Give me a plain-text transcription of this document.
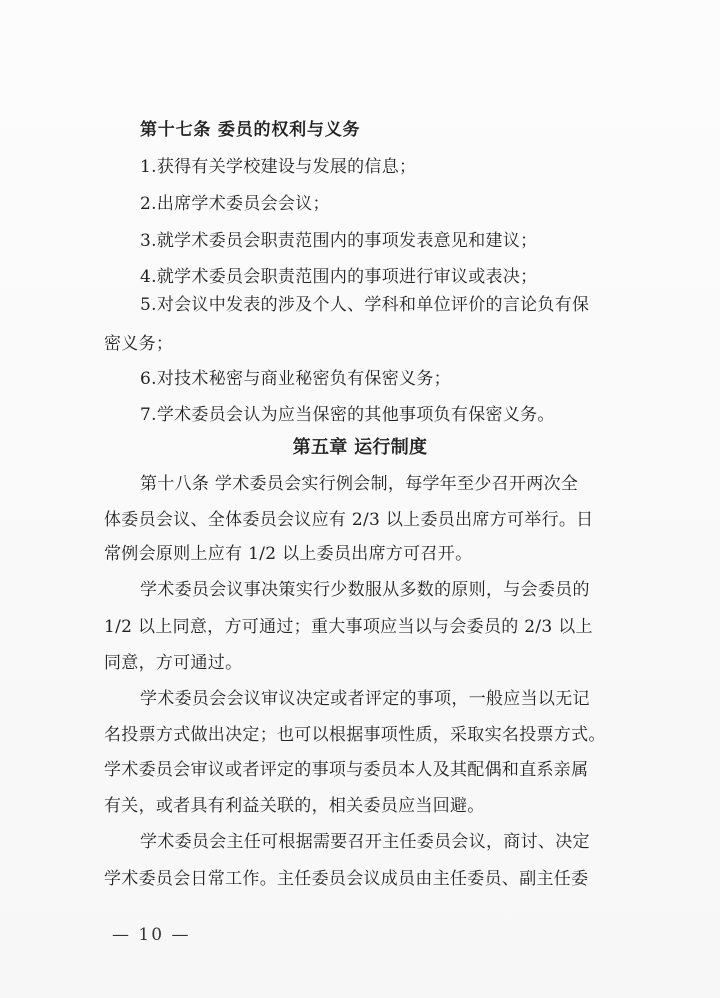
第十七条 委员的权利与义务
1.获得有关学校建设与发展的信息；
2.出席学术委员会会议；
3.就学术委员会职责范围内的事项发表意见和建议；
4.就学术委员会职责范围内的事项进行审议或表决；
5.对会议中发表的涉及个人、学科和单位评价的言论负有保
密义务；
6.对技术秘密与商业秘密负有保密义务；
7.学术委员会认为应当保密的其他事项负有保密义务。
第五章 运行制度
第十八条 学术委员会实行例会制，每学年至少召开两次全
体委员会议、全体委员会议应有 2/3 以上委员出席方可举行。日
常例会原则上应有 1/2 以上委员出席方可召开。
学术委员会议事决策实行少数服从多数的原则，与会委员的
1/2 以上同意，方可通过；重大事项应当以与会委员的 2/3 以上
同意，方可通过。
学术委员会会议审议决定或者评定的事项，一般应当以无记
名投票方式做出决定；也可以根据事项性质，采取实名投票方式。
学术委员会审议或者评定的事项与委员本人及其配偶和直系亲属
有关，或者具有利益关联的，相关委员应当回避。
学术委员会主任可根据需要召开主任委员会议，商讨、决定
学术委员会日常工作。主任委员会议成员由主任委员、副主任委
— 10 —
